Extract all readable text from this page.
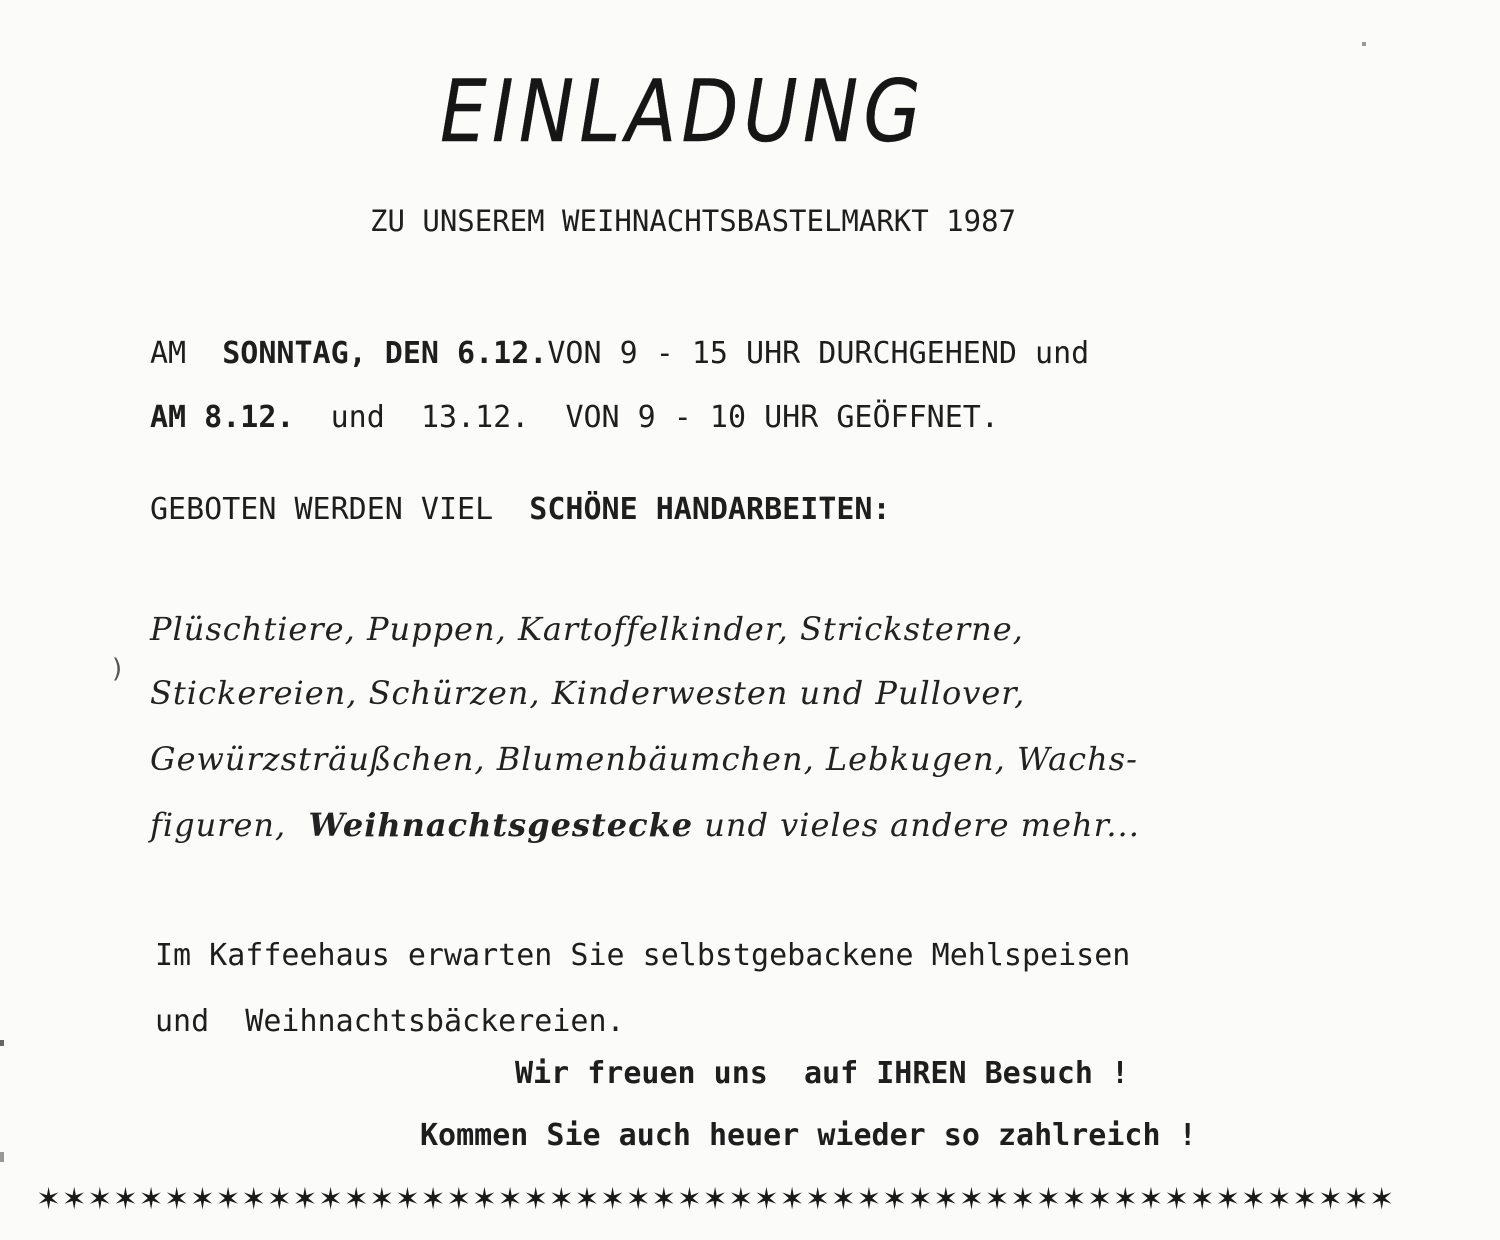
EINLADUNG
ZU UNSEREM WEIHNACHTSBASTELMARKT 1987
AM SONNTAG, DEN 6.12.VON 9 - 15 UHR DURCHGEHEND und
AM 8.12. und 13.12. VON 9 - 10 UHR GEÖFFNET.
GEBOTEN WERDEN VIEL SCHÖNE HANDARBEITEN:
)
Plüschtiere, Puppen, Kartoffelkinder, Stricksterne,
Stickereien, Schürzen, Kinderwesten und Pullover,
Gewürzsträußchen, Blumenbäumchen, Lebkugen, Wachs-
figuren, Weihnachtsgestecke und vieles andere mehr...
Im Kaffeehaus erwarten Sie selbstgebackene Mehlspeisen
und  Weihnachtsbäckereien.
Wir freuen uns  auf IHREN Besuch !
Kommen Sie auch heuer wieder so zahlreich !
✶✶✶✶✶✶✶✶✶✶✶✶✶✶✶✶✶✶✶✶✶✶✶✶✶✶✶✶✶✶✶✶✶✶✶✶✶✶✶✶✶✶✶✶✶✶✶✶✶✶✶✶✶
